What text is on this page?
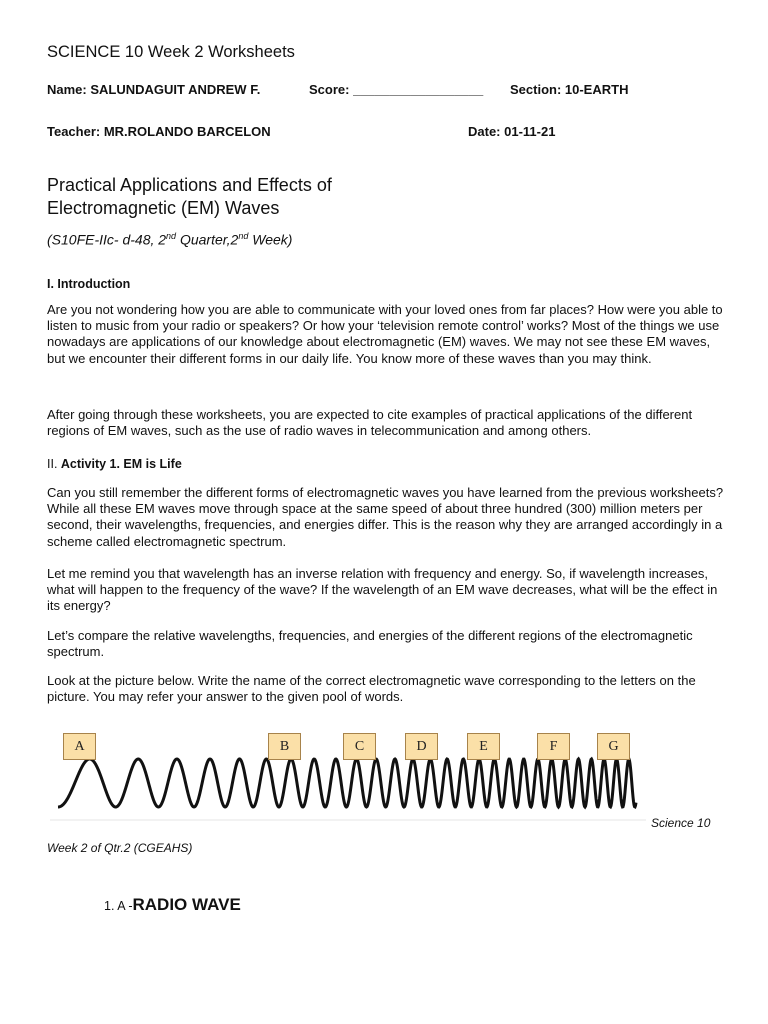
SCIENCE 10 Week 2 Worksheets
Name: SALUNDAGUIT ANDREW F.	Score: __________________ Section: 10-EARTH
Teacher: MR.ROLANDO BARCELON	Date: 01-11-21
Practical Applications and Effects of
Electromagnetic (EM) Waves
(S10FE-IIc- d-48, 2nd Quarter,2nd Week)
I. Introduction
Are you not wondering how you are able to communicate with your loved ones from far places? How were you able to listen to music from your radio or speakers? Or how your ‘television remote control’ works? Most of the things we use nowadays are applications of our knowledge about electromagnetic (EM) waves. We may not see these EM waves, but we encounter their different forms in our daily life. You know more of these waves than you may think.
After going through these worksheets, you are expected to cite examples of practical applications of the different regions of EM waves, such as the use of radio waves in telecommunication and among others.
II. Activity 1. EM is Life
Can you still remember the different forms of electromagnetic waves you have learned from the previous worksheets? While all these EM waves move through space at the same speed of about three hundred (300) million meters per second, their wavelengths, frequencies, and energies differ. This is the reason why they are arranged accordingly in a scheme called electromagnetic spectrum.
Let me remind you that wavelength has an inverse relation with frequency and energy. So, if wavelength increases, what will happen to the frequency of the wave? If the wavelength of an EM wave decreases, what will be the effect in its energy?
Let’s compare the relative wavelengths, frequencies, and energies of the different regions of the electromagnetic spectrum.
Look at the picture below. Write the name of the correct electromagnetic wave corresponding to the letters on the picture. You may refer your answer to the given pool of words.
A	B	C	D	E	F	G
Science 10
Week 2 of Qtr.2 (CGEAHS)
1. A -RADIO WAVE
